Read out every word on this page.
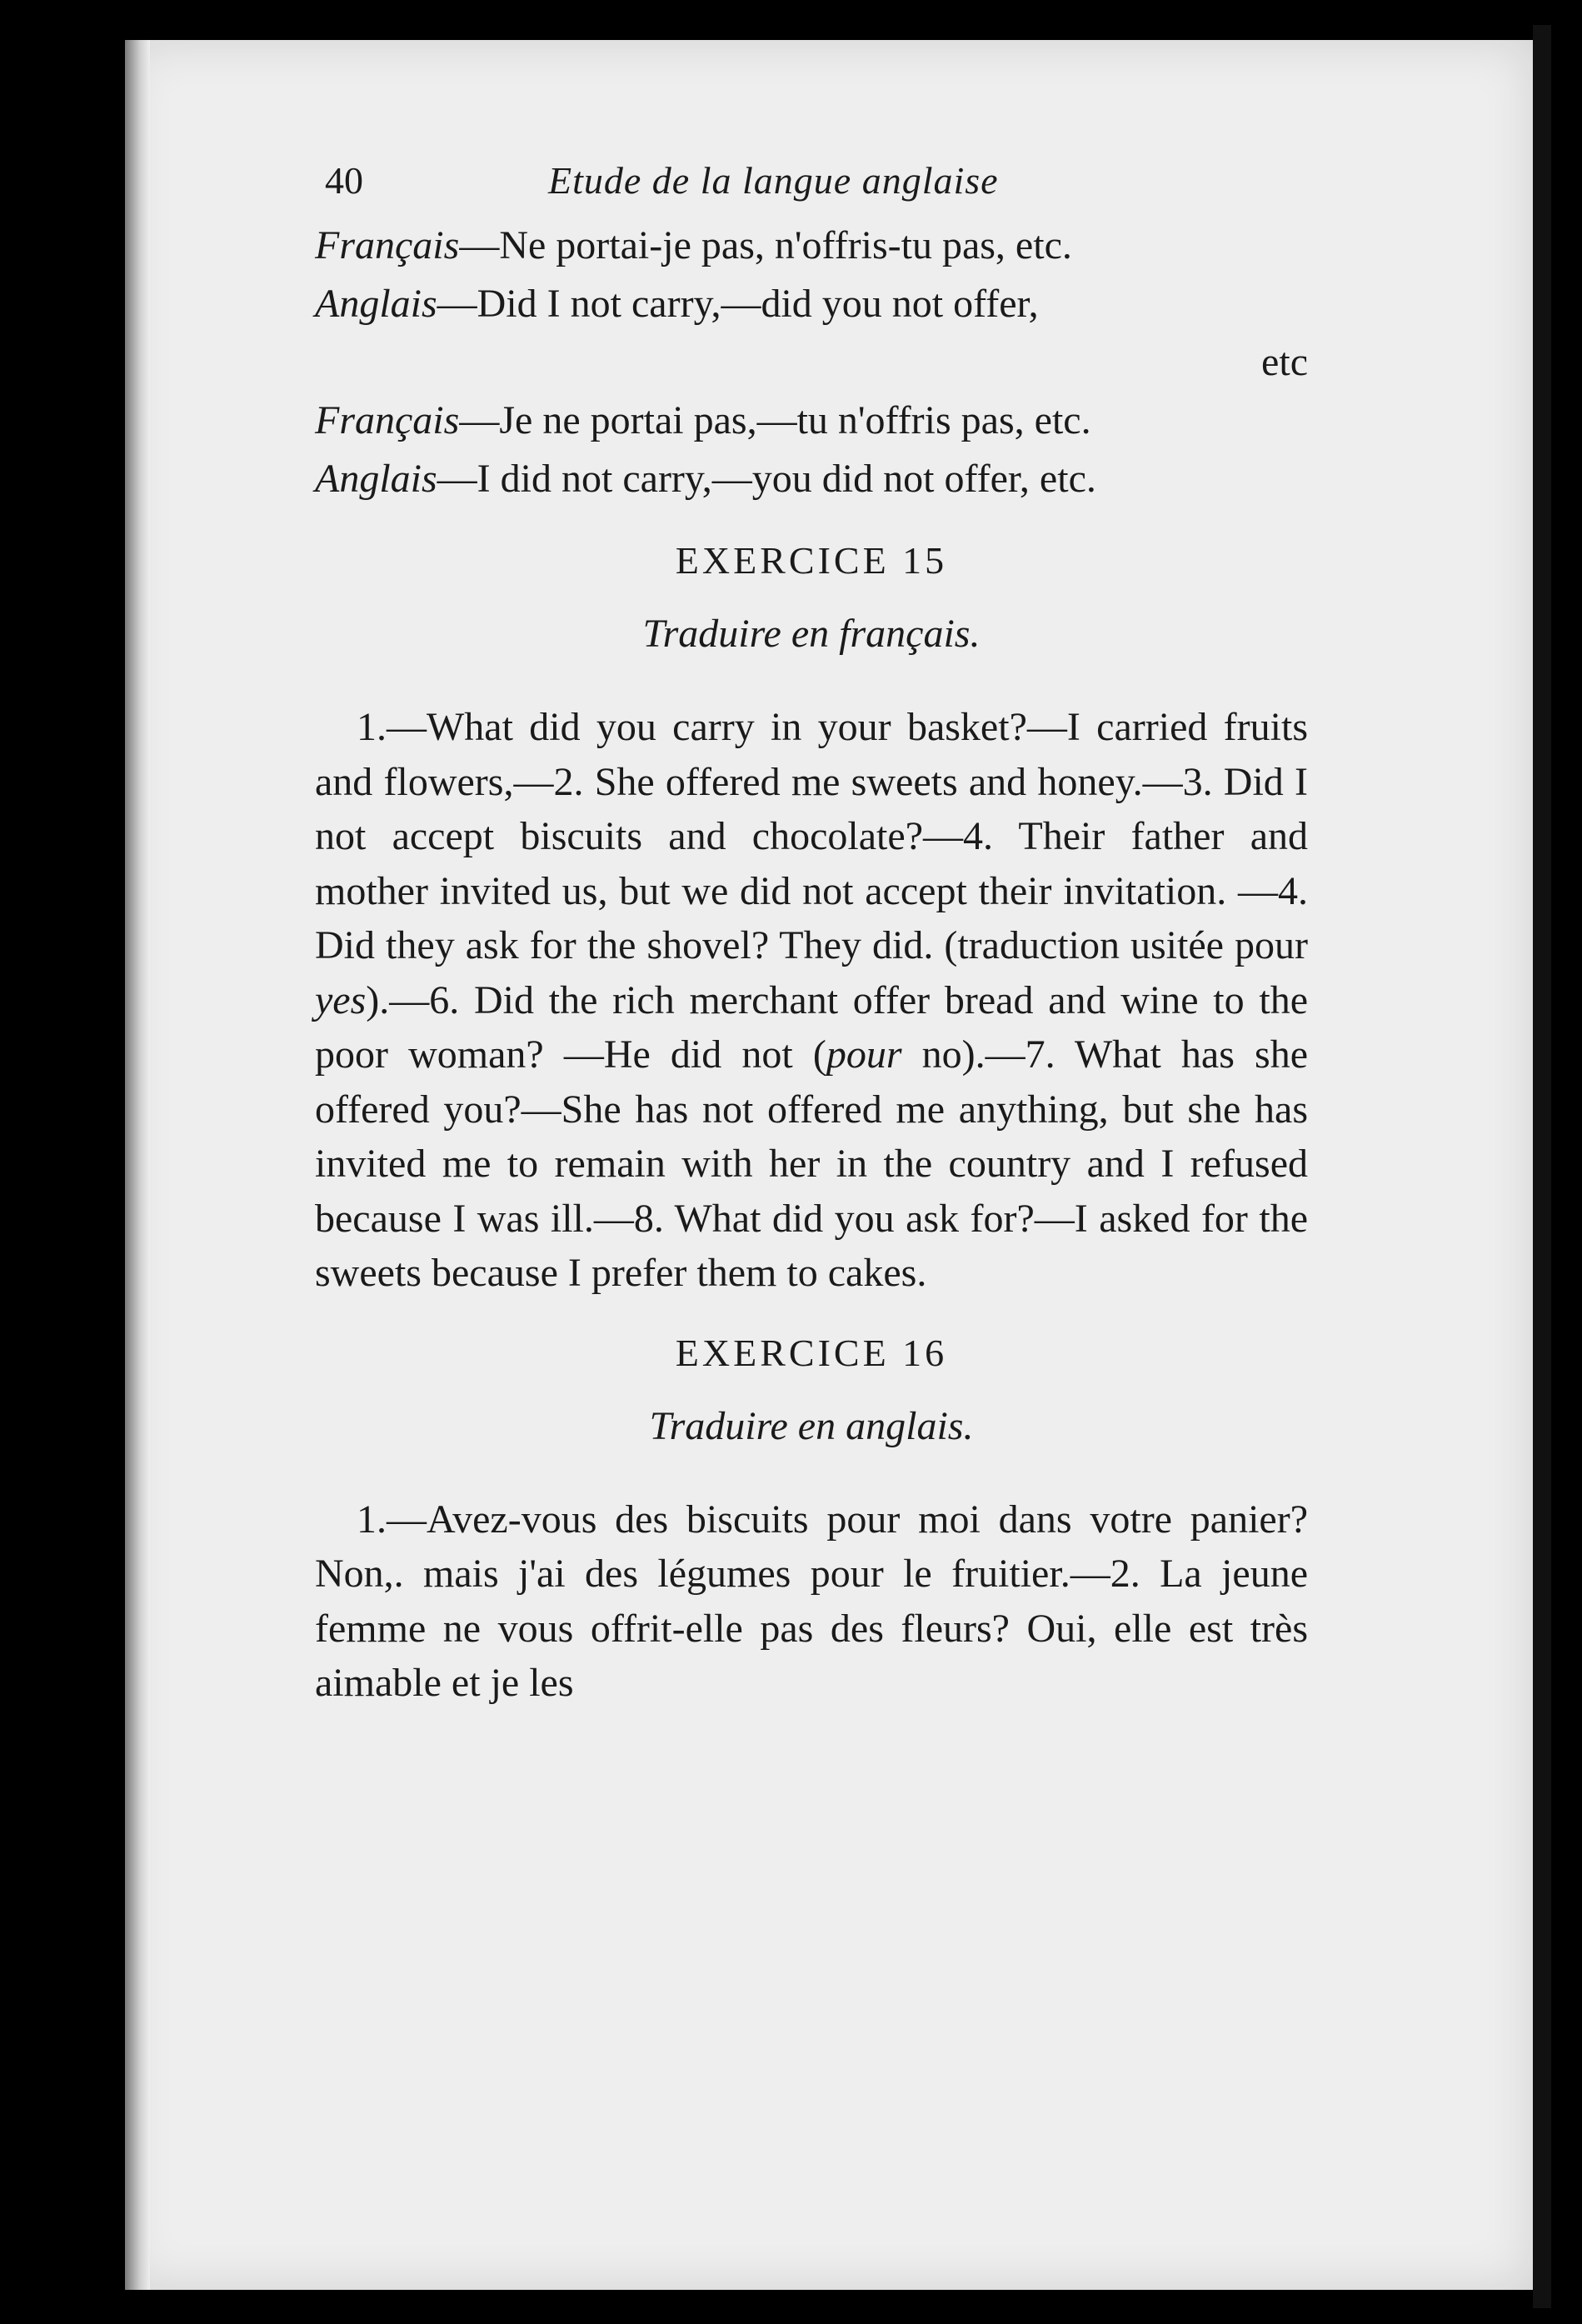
40	Etude de la langue anglaise
Français—Ne portai-je pas, n'offris-tu pas, etc.
Anglais—Did I not carry,—did you not offer,
etc
Français—Je ne portai pas,—tu n'offris pas, etc.
Anglais—I did not carry,—you did not offer, etc.
EXERCICE 15
Traduire en français.

1.—What did you carry in your basket?—I carried fruits and flowers,—2. She offered me sweets and honey.—3. Did I not accept biscuits and chocolate?—4. Their father and mother invited us, but we did not accept their invitation. —4. Did they ask for the shovel? They did. (traduction usitée pour yes).—6. Did the rich merchant offer bread and wine to the poor woman? —He did not (pour no).—7. What has she offered you?—She has not offered me anything, but she has invited me to remain with her in the country and I refused because I was ill.—8. What did you ask for?—I asked for the sweets because I prefer them to cakes.

EXERCICE 16
Traduire en anglais.

1.—Avez-vous des biscuits pour moi dans votre panier? Non,. mais j'ai des légumes pour le fruitier.—2. La jeune femme ne vous offrit-elle pas des fleurs? Oui, elle est très aimable et je les
